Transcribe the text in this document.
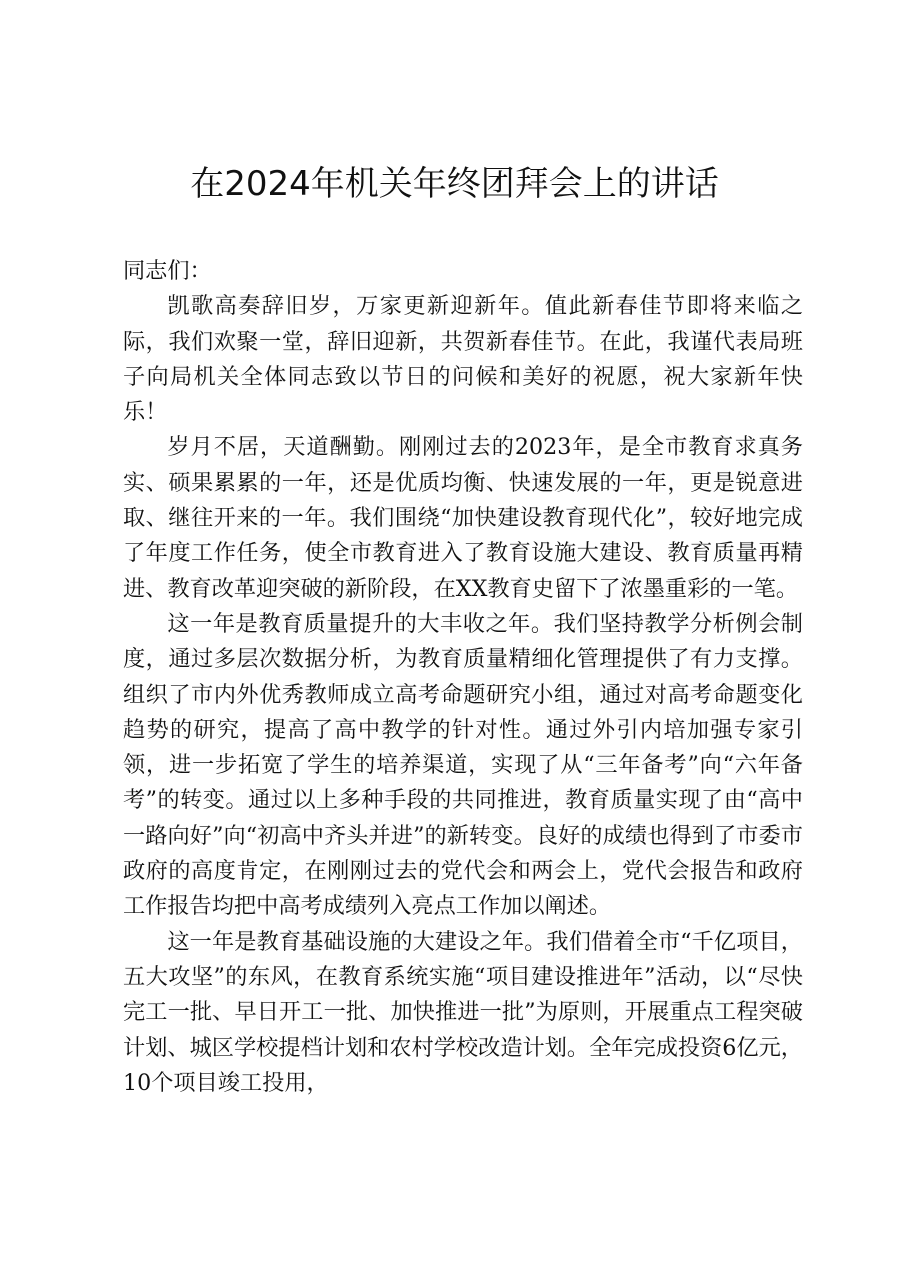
在2024年机关年终团拜会上的讲话

同志们：

凯歌高奏辞旧岁，万家更新迎新年。值此新春佳节即将来临之际，我们欢聚一堂，辞旧迎新，共贺新春佳节。在此，我谨代表局班子向局机关全体同志致以节日的问候和美好的祝愿，祝大家新年快乐！

岁月不居，天道酬勤。刚刚过去的2023年，是全市教育求真务实、硕果累累的一年，还是优质均衡、快速发展的一年，更是锐意进取、继往开来的一年。我们围绕“加快建设教育现代化”，较好地完成了年度工作任务，使全市教育进入了教育设施大建设、教育质量再精进、教育改革迎突破的新阶段，在XX教育史留下了浓墨重彩的一笔。

这一年是教育质量提升的大丰收之年。我们坚持教学分析例会制度，通过多层次数据分析，为教育质量精细化管理提供了有力支撑。组织了市内外优秀教师成立高考命题研究小组，通过对高考命题变化趋势的研究，提高了高中教学的针对性。通过外引内培加强专家引领，进一步拓宽了学生的培养渠道，实现了从“三年备考”向“六年备考”的转变。通过以上多种手段的共同推进，教育质量实现了由“高中一路向好”向“初高中齐头并进”的新转变。良好的成绩也得到了市委市政府的高度肯定，在刚刚过去的党代会和两会上，党代会报告和政府工作报告均把中高考成绩列入亮点工作加以阐述。

这一年是教育基础设施的大建设之年。我们借着全市“千亿项目，五大攻坚”的东风，在教育系统实施“项目建设推进年”活动，以“尽快完工一批、早日开工一批、加快推进一批”为原则，开展重点工程突破计划、城区学校提档计划和农村学校改造计划。全年完成投资6亿元，10个项目竣工投用，
